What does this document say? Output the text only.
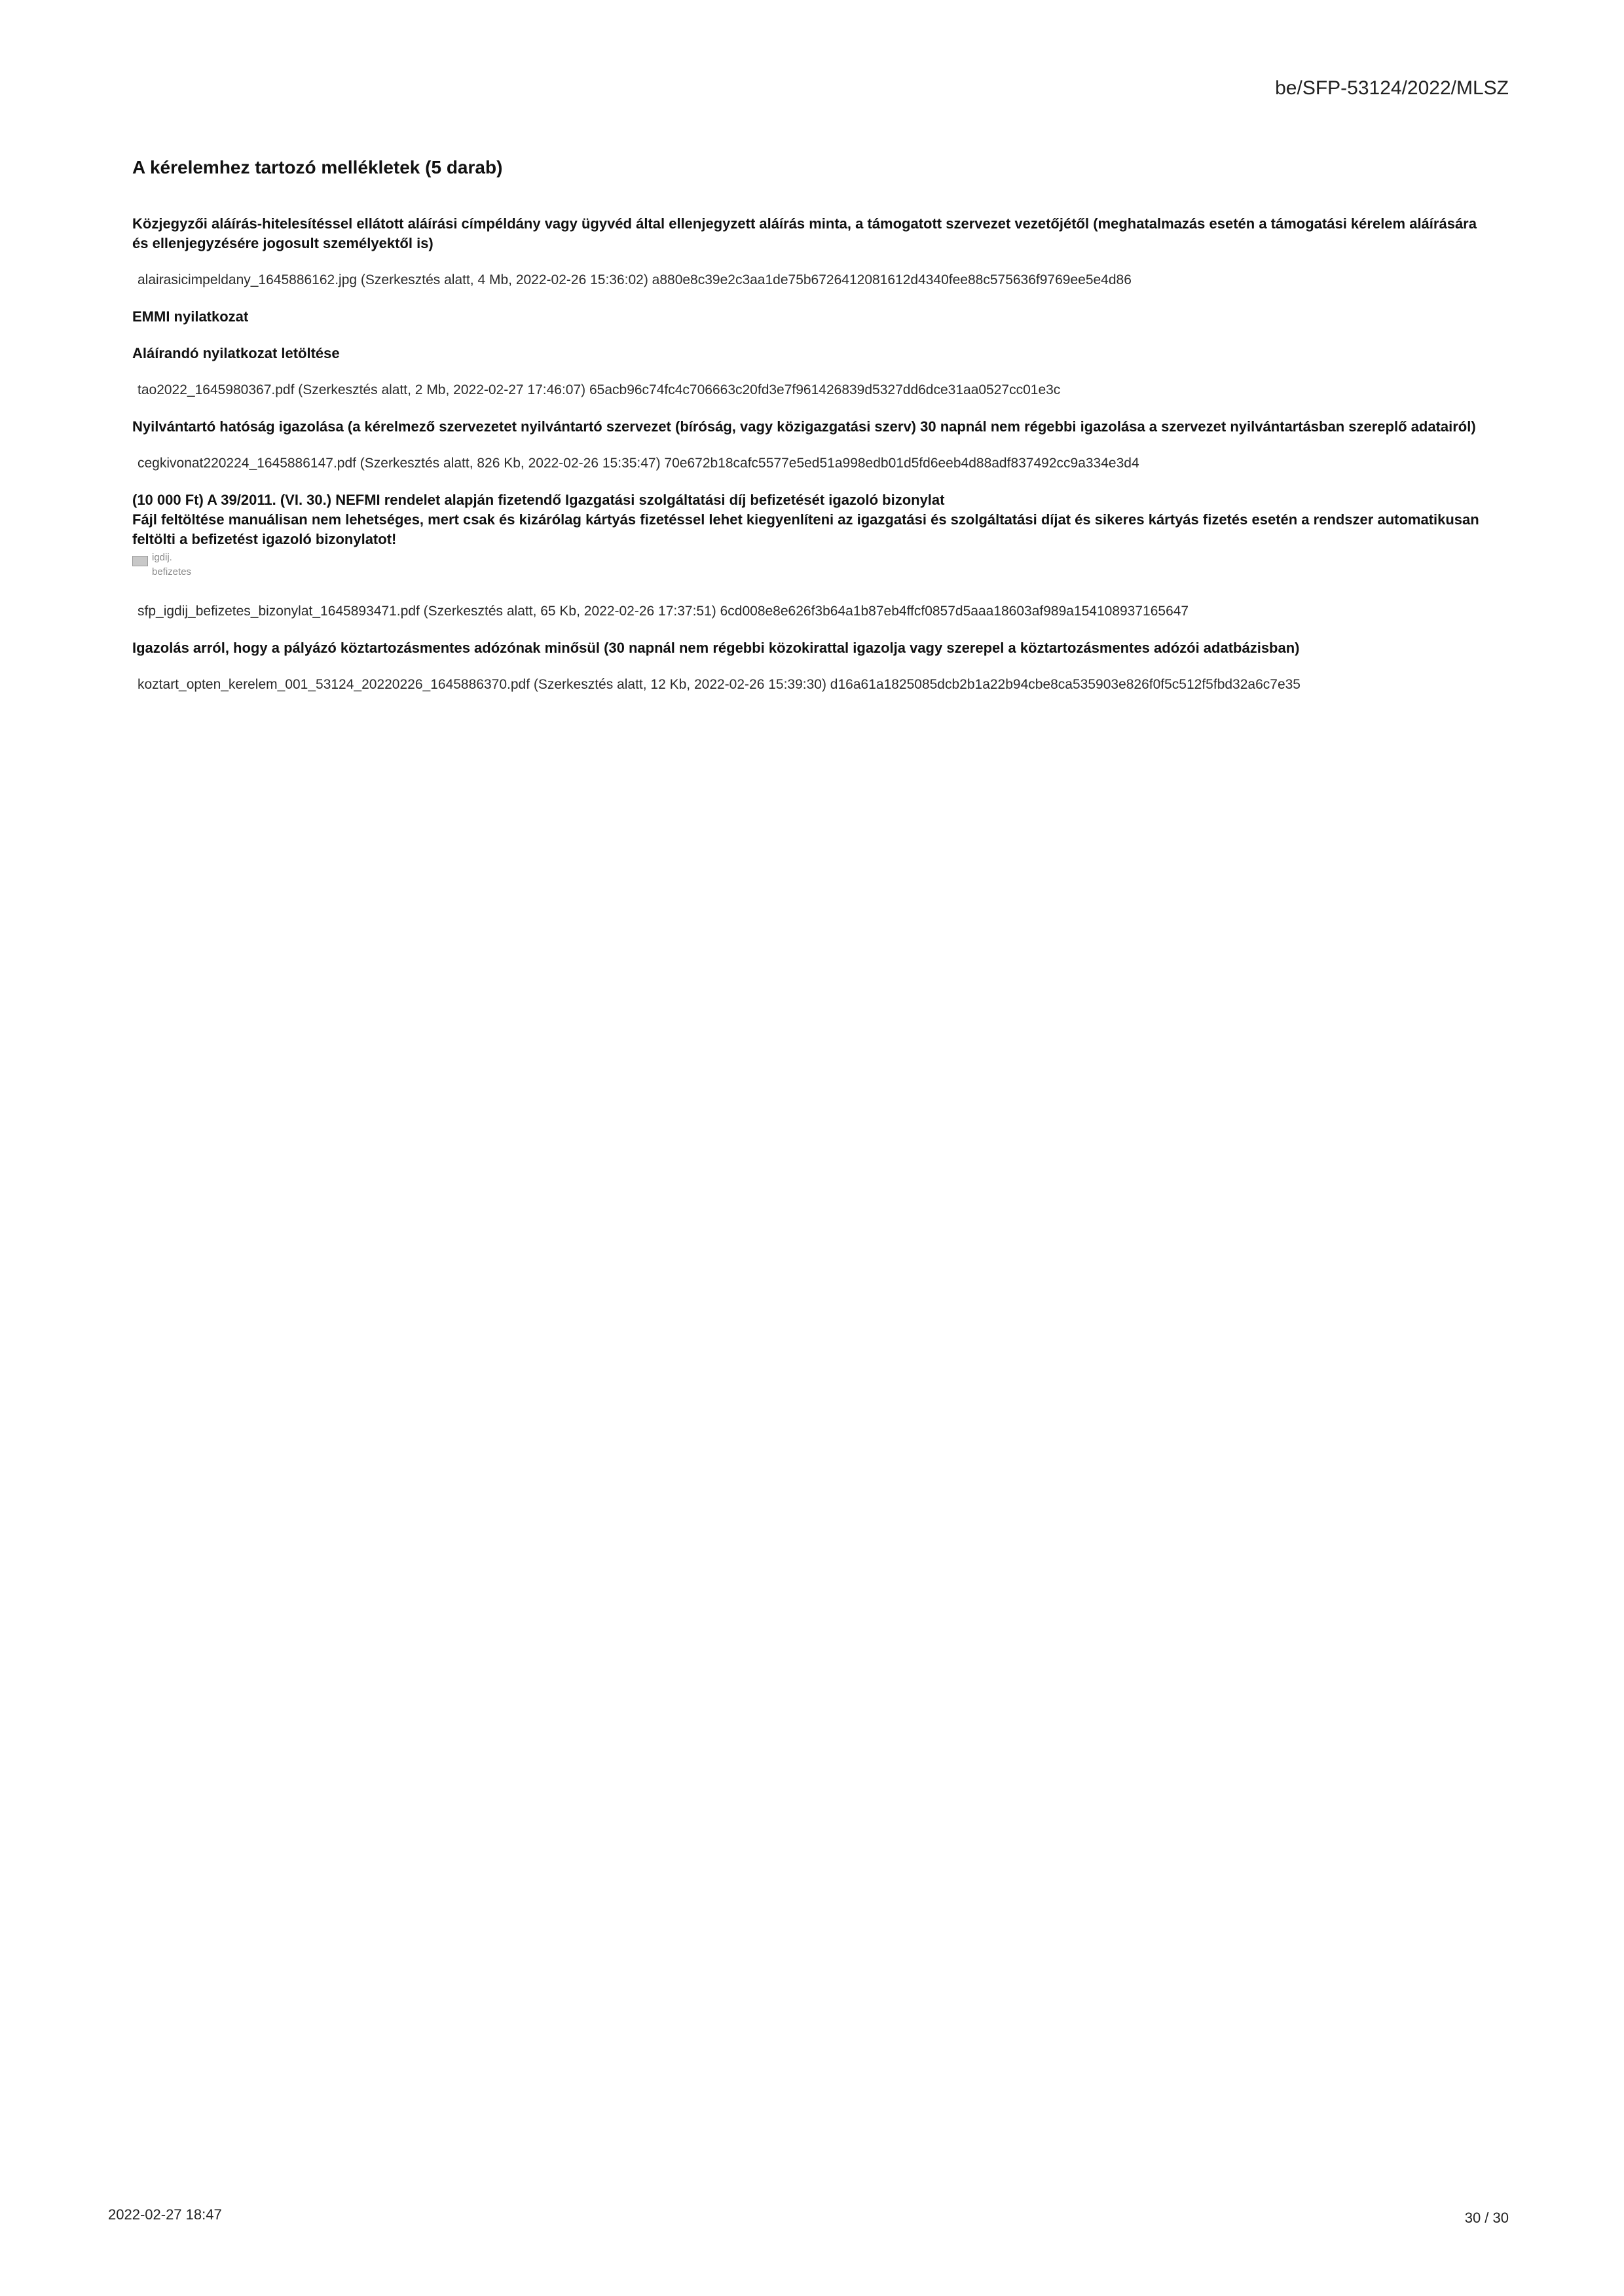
be/SFP-53124/2022/MLSZ
A kérelemhez tartozó mellékletek (5 darab)
Közjegyzői aláírás-hitelesítéssel ellátott aláírási címpéldány vagy ügyvéd által ellenjegyzett aláírás minta, a támogatott szervezet vezetőjétől (meghatalmazás esetén a támogatási kérelem aláírására és ellenjegyzésére jogosult személyektől is)
alairasicimpeldany_1645886162.jpg (Szerkesztés alatt, 4 Mb, 2022-02-26 15:36:02) a880e8c39e2c3aa1de75b6726412081612d4340fee88c575636f9769ee5e4d86
EMMI nyilatkozat
Aláírandó nyilatkozat letöltése
tao2022_1645980367.pdf (Szerkesztés alatt, 2 Mb, 2022-02-27 17:46:07) 65acb96c74fc4c706663c20fd3e7f961426839d5327dd6dce31aa0527cc01e3c
Nyilvántartó hatóság igazolása (a kérelmező szervezetet nyilvántartó szervezet (bíróság, vagy közigazgatási szerv) 30 napnál nem régebbi igazolása a szervezet nyilvántartásban szereplő adatairól)
cegkivonat220224_1645886147.pdf (Szerkesztés alatt, 826 Kb, 2022-02-26 15:35:47) 70e672b18cafc5577e5ed51a998edb01d5fd6eeb4d88adf837492cc9a334e3d4
(10 000 Ft) A 39/2011. (VI. 30.) NEFMI rendelet alapján fizetendő Igazgatási szolgáltatási díj befizetését igazoló bizonylat
Fájl feltöltése manuálisan nem lehetséges, mert csak és kizárólag kártyás fizetéssel lehet kiegyenlíteni az igazgatási és szolgáltatási díjat és sikeres kártyás fizetés esetén a rendszer automatikusan feltölti a befizetést igazoló bizonylatot!
igdij.
befizetes
sfp_igdij_befizetes_bizonylat_1645893471.pdf (Szerkesztés alatt, 65 Kb, 2022-02-26 17:37:51) 6cd008e8e626f3b64a1b87eb4ffcf0857d5aaa18603af989a154108937165647
Igazolás arról, hogy a pályázó köztartozásmentes adózónak minősül (30 napnál nem régebbi közokirattal igazolja vagy szerepel a köztartozásmentes adózói adatbázisban)
koztart_opten_kerelem_001_53124_20220226_1645886370.pdf (Szerkesztés alatt, 12 Kb, 2022-02-26 15:39:30) d16a61a1825085dcb2b1a22b94cbe8ca535903e826f0f5c512f5fbd32a6c7e35
2022-02-27 18:47	30 / 30
